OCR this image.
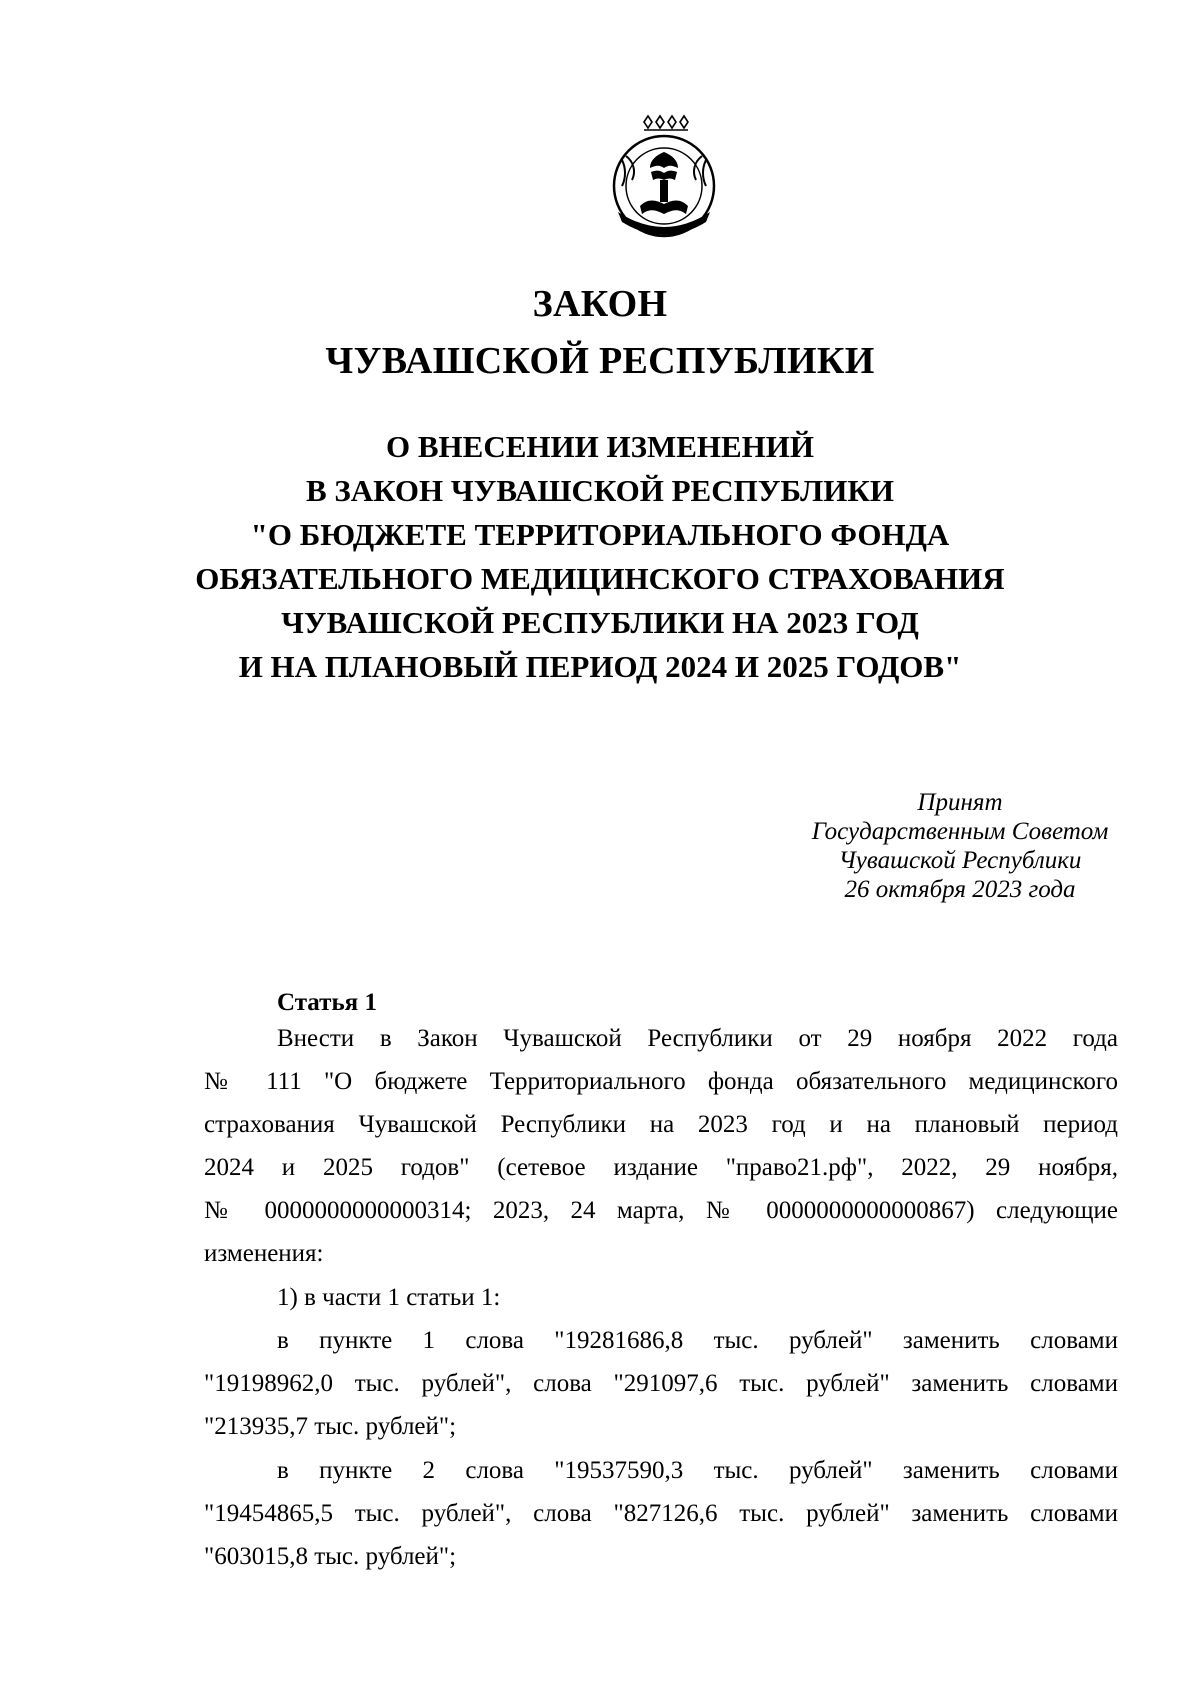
ЗАКОН
ЧУВАШСКОЙ РЕСПУБЛИКИ
О ВНЕСЕНИИ ИЗМЕНЕНИЙ
В ЗАКОН ЧУВАШСКОЙ РЕСПУБЛИКИ
"О БЮДЖЕТЕ ТЕРРИТОРИАЛЬНОГО ФОНДА
ОБЯЗАТЕЛЬНОГО МЕДИЦИНСКОГО СТРАХОВАНИЯ
ЧУВАШСКОЙ РЕСПУБЛИКИ НА 2023 ГОД
И НА ПЛАНОВЫЙ ПЕРИОД 2024 И 2025 ГОДОВ"
Принят
Государственным Советом
Чувашской Республики
26 октября 2023 года
Статья 1
Внести в Закон Чувашской Республики от 29 ноября 2022 года
№ 111 "О бюджете Территориального фонда обязательного медицинского
страхования Чувашской Республики на 2023 год и на плановый период
2024 и 2025 годов" (сетевое издание "право21.рф", 2022, 29 ноября,
№ 0000000000000314; 2023, 24 марта, № 0000000000000867) следующие
изменения:
1) в части 1 статьи 1:
в пункте 1 слова "19281686,8 тыс. рублей" заменить словами
"19198962,0 тыс. рублей", слова "291097,6 тыс. рублей" заменить словами
"213935,7 тыс. рублей";
в пункте 2 слова "19537590,3 тыс. рублей" заменить словами
"19454865,5 тыс. рублей", слова "827126,6 тыс. рублей" заменить словами
"603015,8 тыс. рублей";
